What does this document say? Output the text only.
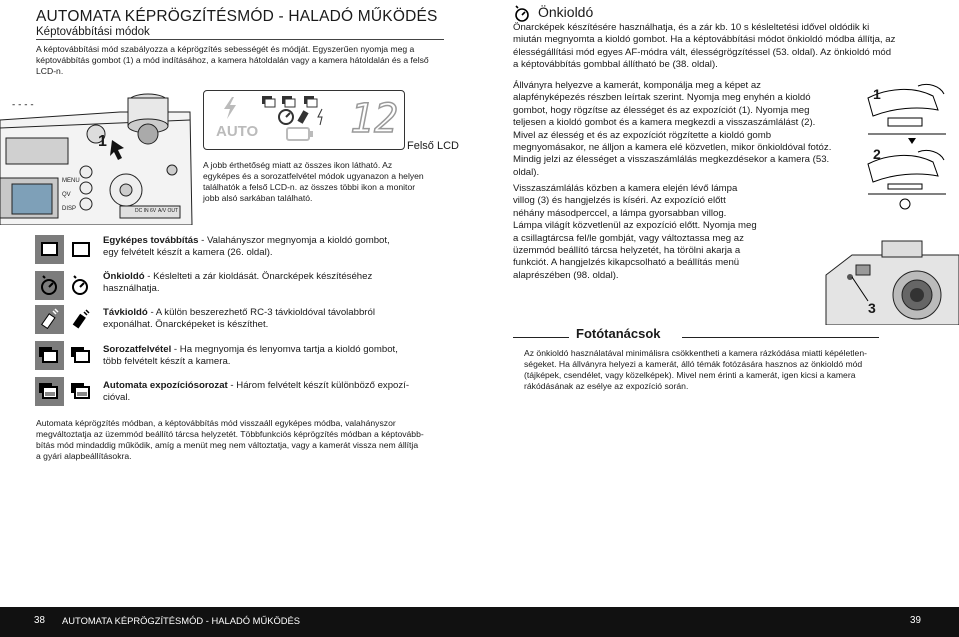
AUTOMATA KÉPRÖGZÍTÉSMÓD - HALADÓ MŰKÖDÉS
Képtovábbítási módok
A képtovábbítási mód szabályozza a képrögzítés sebességét és módját. Egyszerűen nyomja meg a
képtovábbítás gombot (1) a mód indításához, a kamera hátoldalán vagy a kamera hátoldalán és a felső
LCD-n.
- - - -
1
MENU
QV
DISP	DC IN 6V A/V OUT
AUTO 12
Felső LCD
A jobb érthetőség miatt az összes ikon látható. Az
egyképes és a sorozatfelvétel módok ugyanazon a helyen
találhatók a felső LCD-n. az összes többi ikon a monitor
jobb alsó sarkában található.
Egyképes továbbítás - Valahányszor megnyomja a kioldó gombot,
egy felvételt készít a kamera (26. oldal).
Önkioldó - Késlelteti a zár kioldását. Önarcképek készítéséhez
használhatja.
Távkioldó - A külön beszerezhető RC-3 távkioldóval távolabbról
exponálhat. Önarcképeket is készíthet.
Sorozatfelvétel - Ha megnyomja és lenyomva tartja a kioldó gombot,
több felvételt készít a kamera.
Automata expozíciósorozat - Három felvételt készít különböző expozí-
cióval.
Automata képrögzítés módban, a képtovábbítás mód visszaáll egyképes módba, valahányszor
megváltoztatja az üzemmód beállító tárcsa helyzetét. Többfunkciós képrögzítés módban a képtovább-
bítás mód mindaddig működik, amíg a menüt meg nem változtatja, vagy a kamerát vissza nem állítja
a gyári alapbeállításokra.
Önkioldó
Önarcképek készítésére használhatja, és a zár kb. 10 s késleltetési idővel oldódik ki
miután megnyomta a kioldó gombot. Ha a képtovábbítási módot önkioldó módba állítja, az
élességállítási mód egyes AF-módra vált, élességrögzítéssel (53. oldal). Az önkioldó mód
a képtovábbítás gombbal állítható be (38. oldal).
Állványra helyezve a kamerát, komponálja meg a képet az
alapfényképezés részben leírtak szerint. Nyomja meg enyhén a kioldó
gombot, hogy rögzítse az élességet és az expozíciót (1). Nyomja meg
teljesen a kioldó gombot és a kamera megkezdi a visszaszámlálást (2).
Mivel az élesség et és az expozíciót rögzítette a kioldó gomb
megnyomásakor, ne álljon a kamera elé közvetlen, mikor önkioldóval fotóz.
Mindig jelzi az élességet a visszaszámlálás megkezdésekor a kamera (53.
oldal).
Visszaszámlálás közben a kamera elején lévő lámpa
villog (3) és hangjelzés is kíséri. Az expozíció előtt
néhány másodperccel, a lámpa gyorsabban villog.
Lámpa világít közvetlenül az expozíció előtt. Nyomja meg
a csillagtárcsa fel/le gombját, vagy változtassa meg az
üzemmód beállító tárcsa helyzetét, ha törölni akarja a
funkciót. A hangjelzés kikapcsolható a beállítás menü
alaprészében (98. oldal).
1
2
3
Fotótanácsok
Az önkioldó használatával minimálisra csökkentheti a kamera rázkódása miatti képéletlen-
ségeket. Ha állványra helyezi a kamerát, álló témák fotózására hasznos az önkioldó mód
(tájképek, csendélet, vagy közelképek). Mivel nem érinti a kamerát, igen kicsi a kamera
rákódásának az esélye az expozíció során.
38 AUTOMATA KÉPRÖGZÍTÉSMÓD - HALADÓ MŰKÖDÉS	39
